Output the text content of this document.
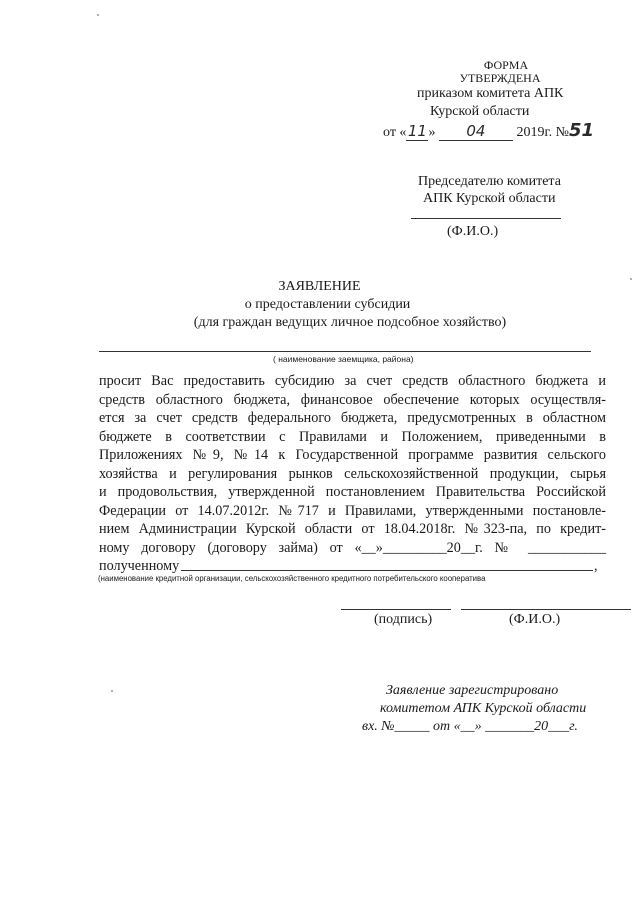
ФОРМА
УТВЕРЖДЕНА
приказом комитета АПК
Курской области
от «11» 04 2019г. №51
Председателю комитета
АПК Курской области
(Ф.И.О.)
ЗАЯВЛЕНИЕ
о предоставлении субсидии
(для граждан ведущих личное подсобное хозяйство)
( наименование заемщика, района)
просит Вас предоставить субсидию за счет средств областного бюджета и
средств областного бюджета, финансовое обеспечение которых осуществля-
ется за счет средств федерального бюджета, предусмотренных в областном
бюджете в соответствии с Правилами и Положением, приведенными в
Приложениях №9, №14 к Государственной программе развития сельского
хозяйства и регулирования рынков сельскохозяйственной продукции, сырья
и продовольствия, утвержденной постановлением Правительства Российской
Федерации от 14.07.2012г. №717 и Правилами, утвержденными постановле-
нием Администрации Курской области от 18.04.2018г. №323-па, по кредит-
ному договору (договору займа) от «__»_________20__г. № ___________
полученному	,
(наименование кредитной организации, сельскохозяйственного кредитного потребительского кооператива
(подпись)	(Ф.И.О.)
Заявление зарегистрировано
комитетом АПК Курской области
вх. №_____ от «__» _______20___г.
